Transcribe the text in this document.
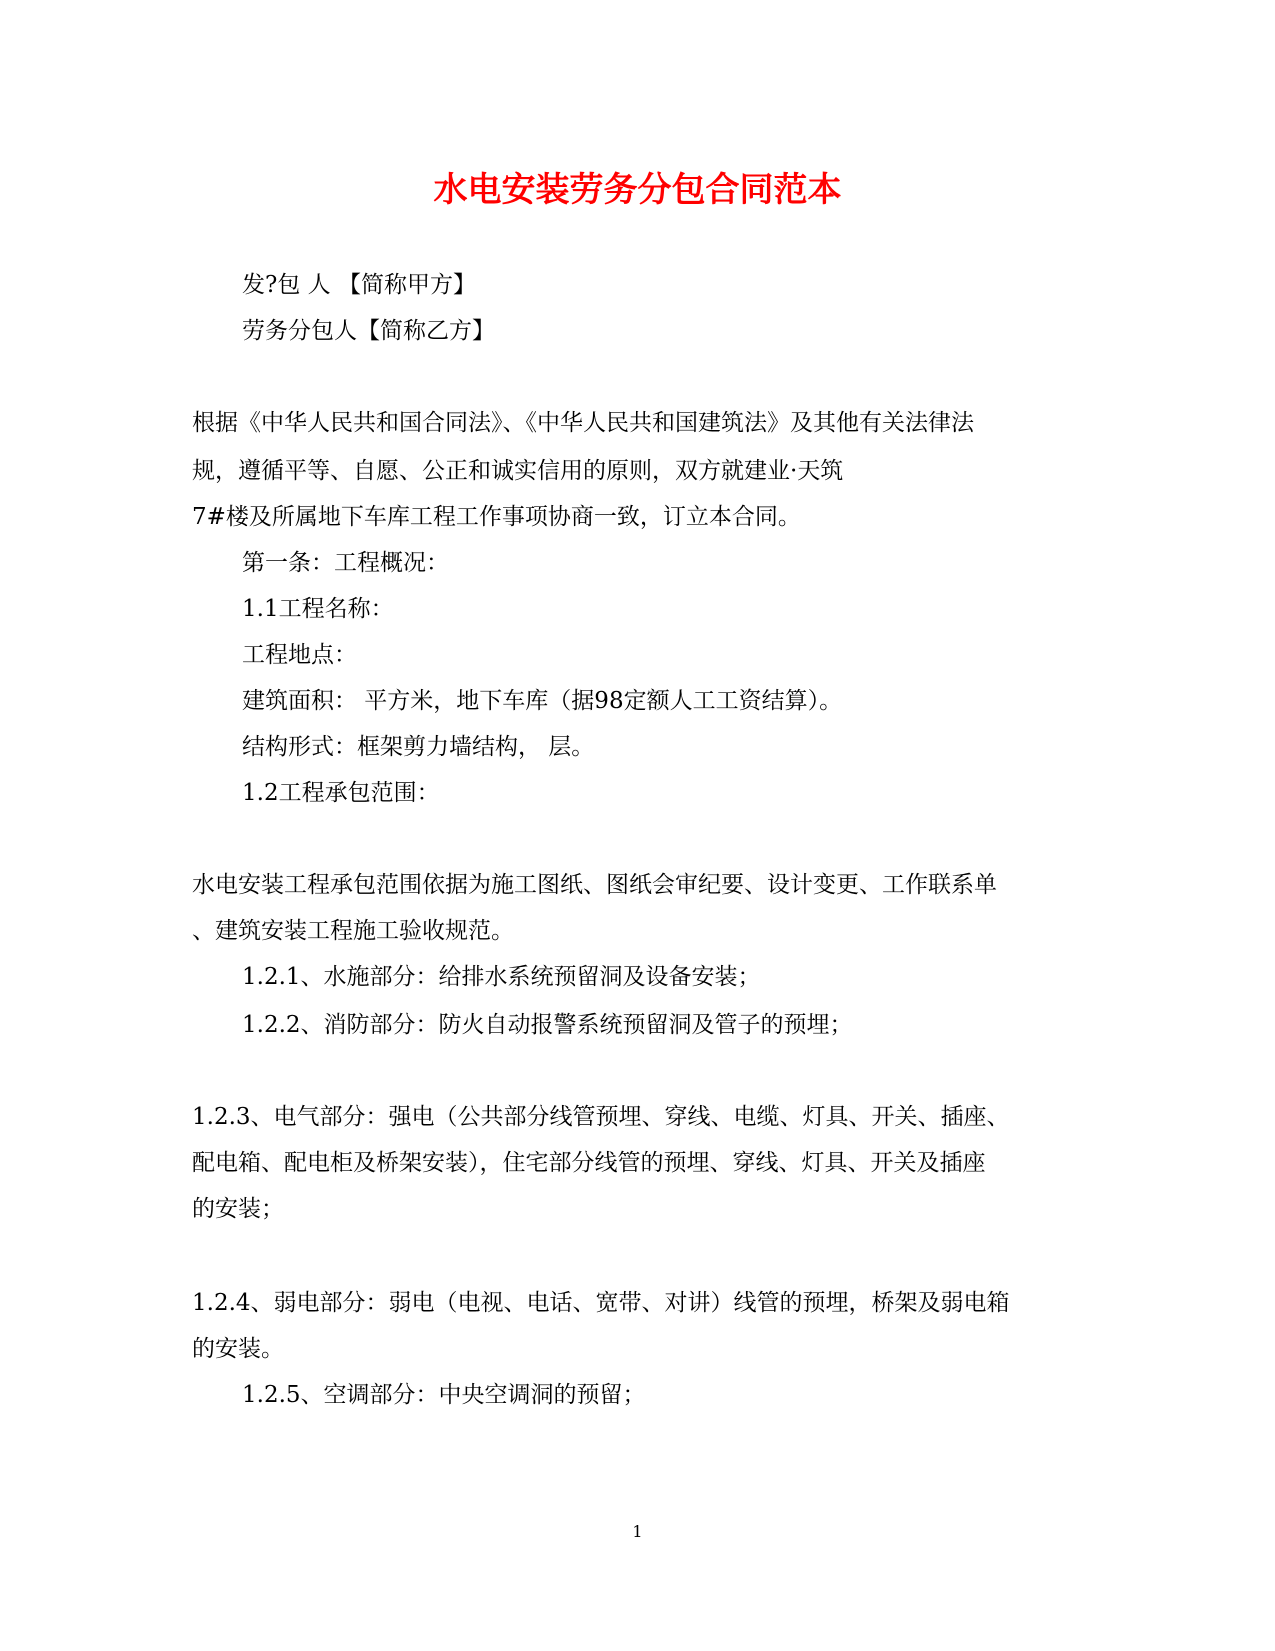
水电安装劳务分包合同范本
发?包 人 【简称甲方】
劳务分包人【简称乙方】
根据《中华人民共和国合同法》、《中华人民共和国建筑法》及其他有关法律法
规，遵循平等、自愿、公正和诚实信用的原则，双方就建业·天筑
7#楼及所属地下车库工程工作事项协商一致，订立本合同。
第一条：工程概况：
1.1工程名称：
工程地点：
建筑面积： 平方米，地下车库（据98定额人工工资结算）。
结构形式：框架剪力墙结构， 层。
1.2工程承包范围：
水电安装工程承包范围依据为施工图纸、图纸会审纪要、设计变更、工作联系单
、建筑安装工程施工验收规范。
1.2.1、水施部分：给排水系统预留洞及设备安装；
1.2.2、消防部分：防火自动报警系统预留洞及管子的预埋；
1.2.3、电气部分：强电（公共部分线管预埋、穿线、电缆、灯具、开关、插座、
配电箱、配电柜及桥架安装），住宅部分线管的预埋、穿线、灯具、开关及插座
的安装；
1.2.4、弱电部分：弱电（电视、电话、宽带、对讲）线管的预埋，桥架及弱电箱
的安装。
1.2.5、空调部分：中央空调洞的预留；
1
